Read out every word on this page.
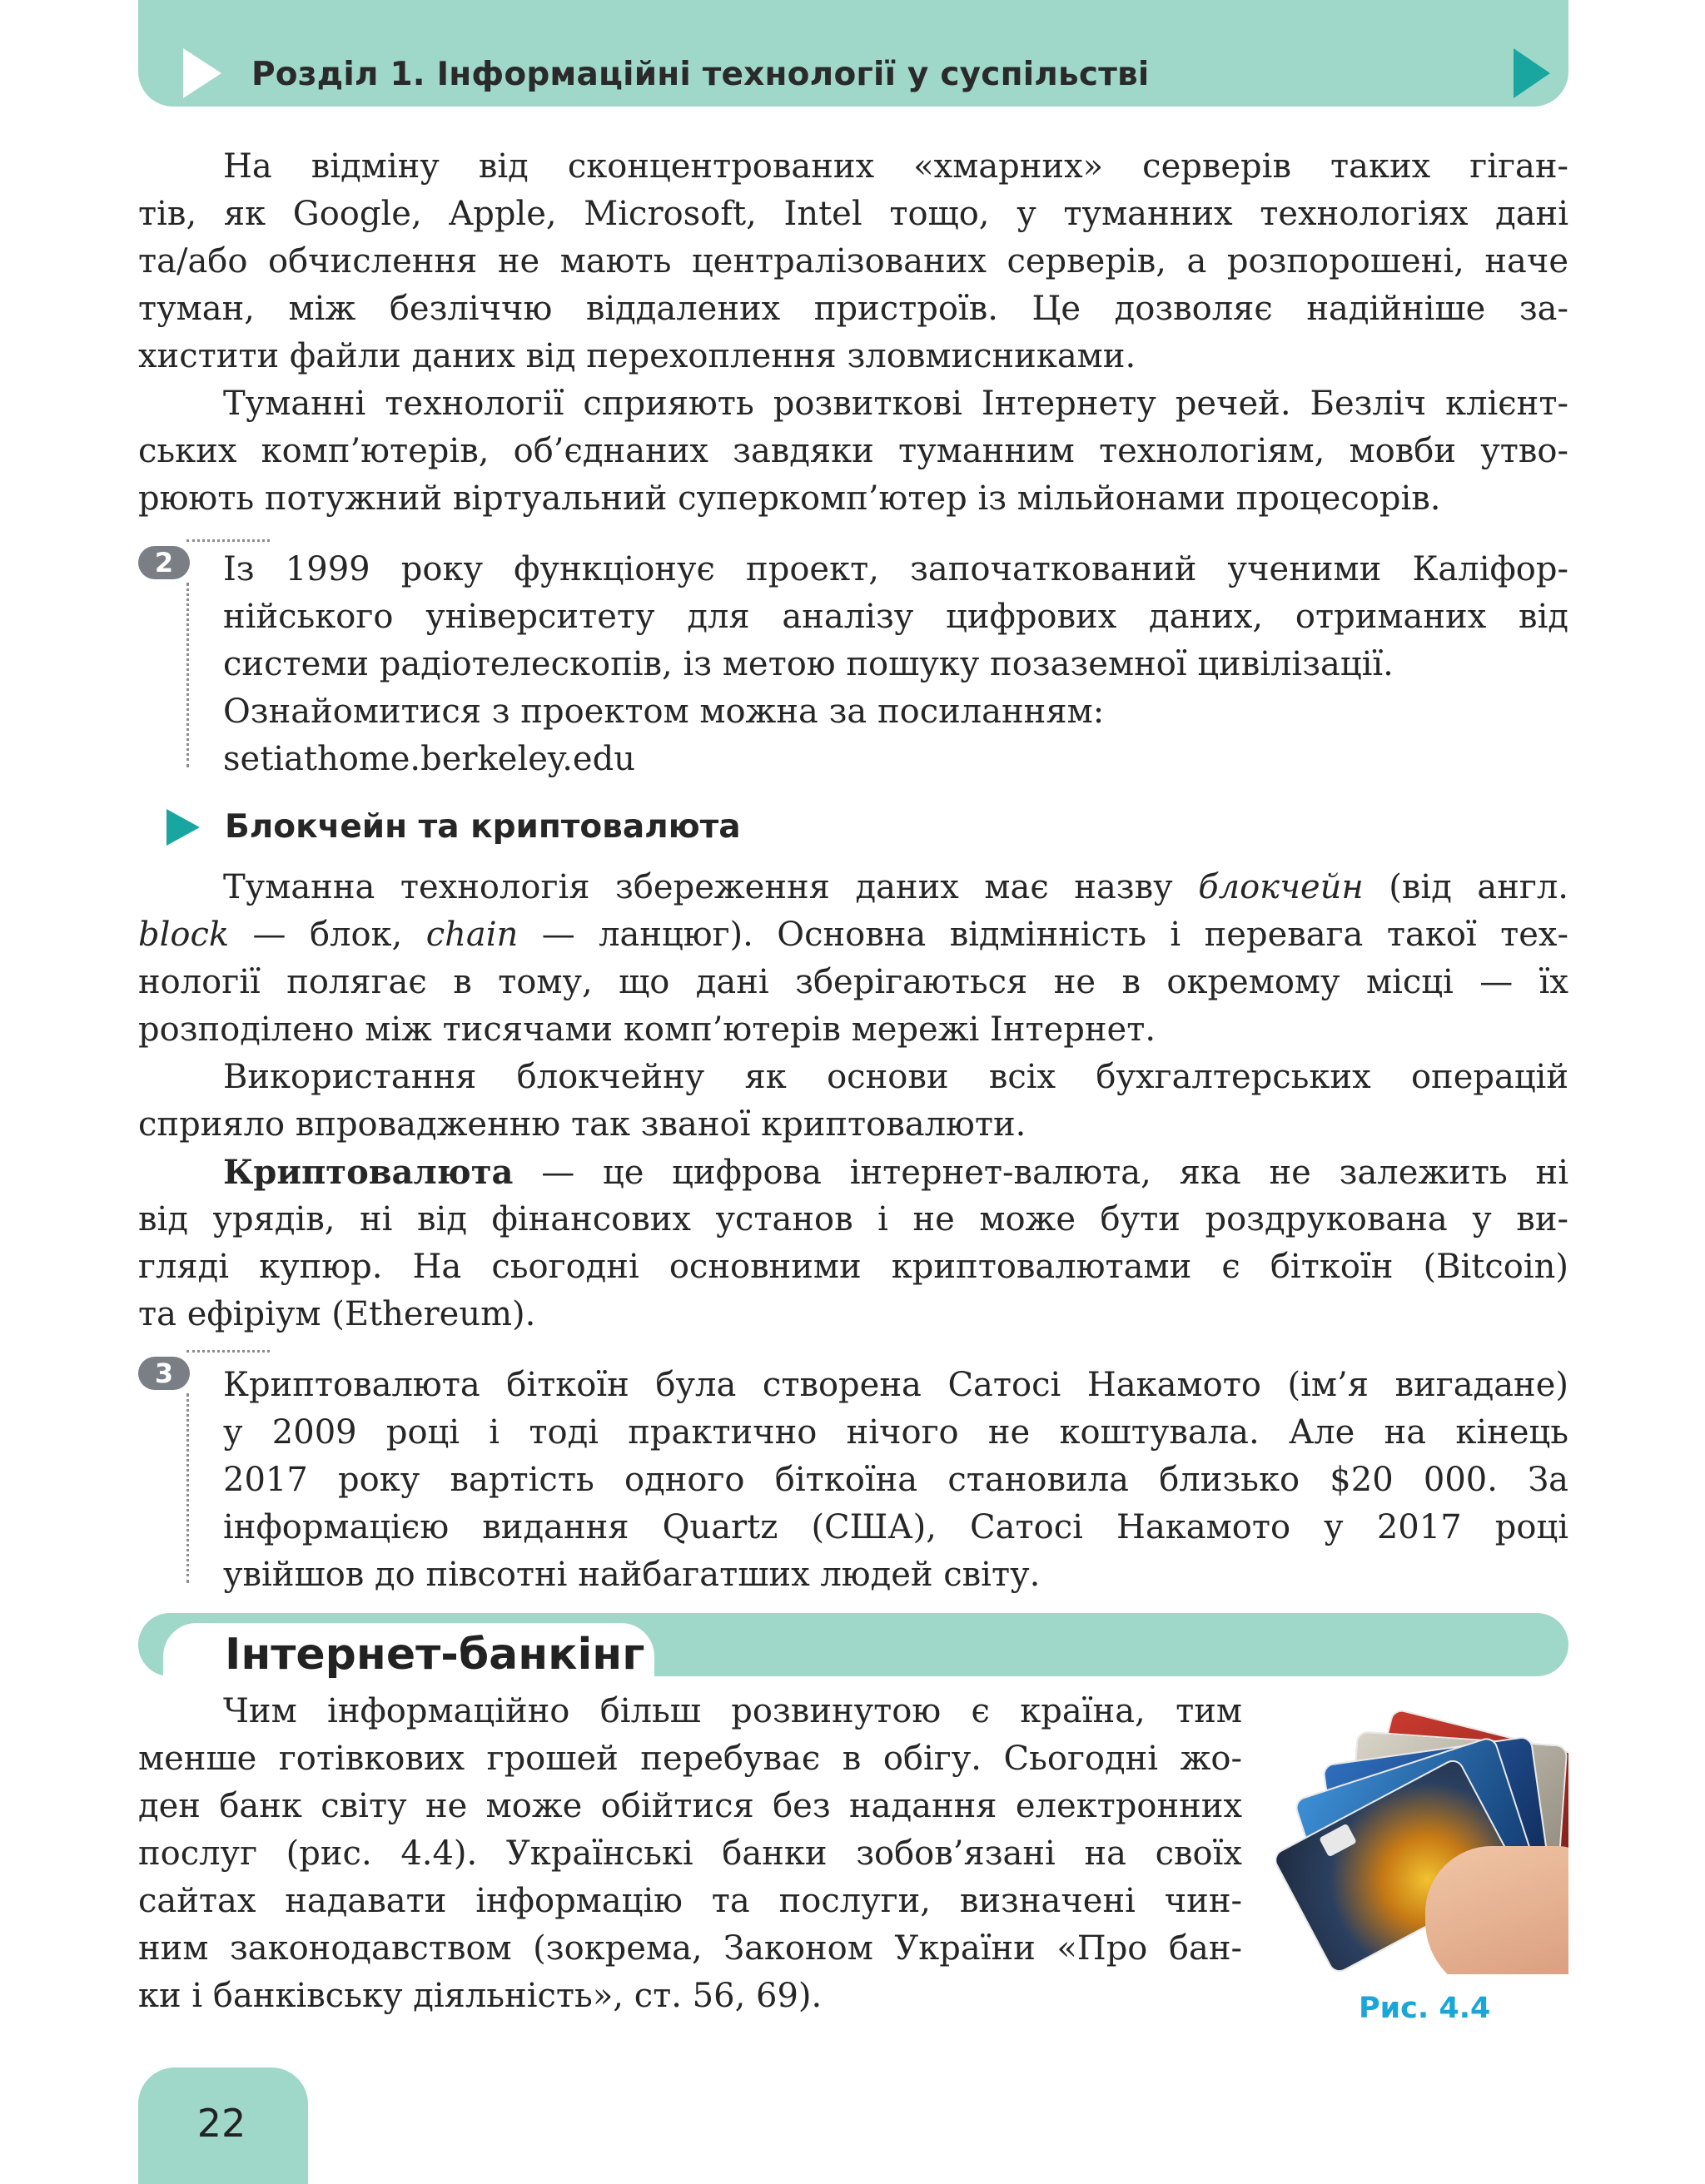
Розділ 1. Інформаційні технології у суспільстві
На відміну від сконцентрованих «хмарних» серверів таких гіган-
тів, як Google, Apple, Microsoft, Intel тощо, у туманних технологіях дані
та/або обчислення не мають централізованих серверів, а розпорошені, наче
туман, між безліччю віддалених пристроїв. Це дозволяє надійніше за-
хистити файли даних від перехоплення зловмисниками.
Туманні технології сприяють розвиткові Інтернету речей. Безліч клієнт-
ських комп’ютерів, об’єднаних завдяки туманним технологіям, мовби утво-
рюють потужний віртуальний суперкомп’ютер із мільйонами процесорів.
2	Із 1999 року функціонує проект, започаткований ученими Каліфор-
нійського університету для аналізу цифрових даних, отриманих від
системи радіотелескопів, із метою пошуку позаземної цивілізації.
Ознайомитися з проектом можна за посиланням:
setiathome.berkeley.edu
Блокчейн та криптовалюта
Туманна технологія збереження даних має назву блокчейн (від англ.
block — блок, chain — ланцюг). Основна відмінність і перевага такої тех-
нології полягає в тому, що дані зберігаються не в окремому місці — їх
розподілено між тисячами комп’ютерів мережі Інтернет.
Використання блокчейну як основи всіх бухгалтерських операцій
сприяло впровадженню так званої криптовалюти.
Криптовалюта — це цифрова інтернет-валюта, яка не залежить ні
від урядів, ні від фінансових установ і не може бути роздрукована у ви-
гляді купюр. На сьогодні основними криптовалютами є біткоїн (Bitcoin)
та ефіріум (Ethereum).
3	Криптовалюта біткоїн була створена Сатосі Накамото (ім’я вигадане)
у 2009 році і тоді практично нічого не коштувала. Але на кінець
2017 року вартість одного біткоїна становила близько $20 000. За
інформацією видання Quartz (США), Сатосі Накамото у 2017 році
увійшов до півсотні найбагатших людей світу.
Інтернет-банкінг
Чим інформаційно більш розвинутою є країна, тим
менше готівкових грошей перебуває в обігу. Сьогодні жо-
ден банк світу не може обійтися без надання електронних
послуг (рис. 4.4). Українські банки зобов’язані на своїх
сайтах надавати інформацію та послуги, визначені чин-
ним законодавством (зокрема, Законом України «Про бан-
ки і банківську діяльність», ст. 56, 69).	Рис. 4.4
22
